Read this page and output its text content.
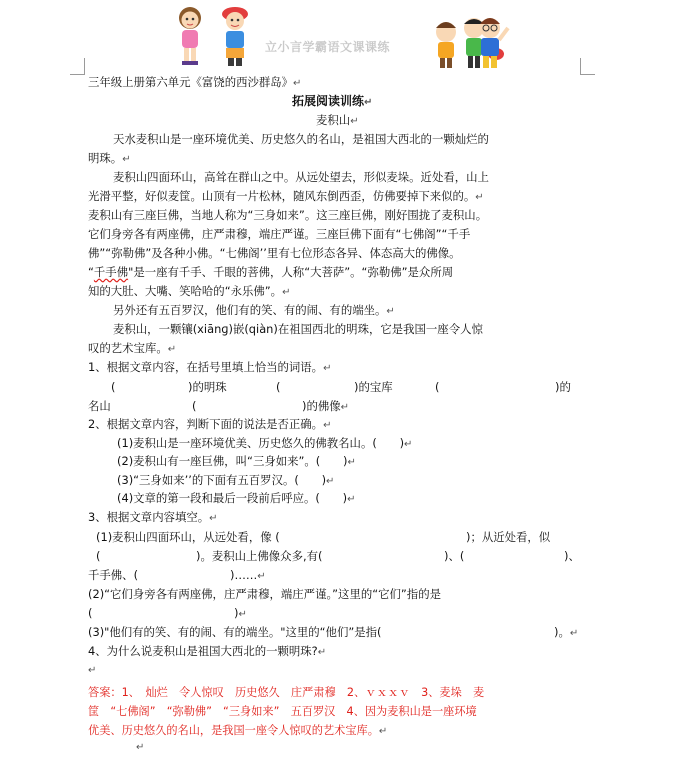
立小言学霸语文课课练
三年级上册第六单元《富饶的西沙群岛》↵
拓展阅读训练↵
麦积山↵
天水麦积山是一座环境优美、历史悠久的名山，是祖国大西北的一颗灿烂的
明珠。↵
麦积山四面环山，高耸在群山之中。从远处望去，形似麦垛。近处看，山上
光滑平整，好似麦筐。山顶有一片松林，随风东倒西歪，仿佛要掉下来似的。↵
麦积山有三座巨佛，当地人称为“三身如来”。这三座巨佛，刚好围拢了麦积山。
它们身旁各有两座佛，庄严肃穆，端庄严谨。三座巨佛下面有“七佛阁”“千手
佛”“弥勒佛”及各种小佛。“七佛阁’’里有七位形态各异、体态高大的佛像。
“千手佛"是一座有千手、千眼的菩佛，人称“大菩萨”。“弥勒佛”是众所周
知的大肚、大嘴、笑哈哈的“永乐佛”。↵
另外还有五百罗汉，他们有的笑、有的闹、有的端坐。↵
麦积山，一颗镶(xiānɡ)嵌(qiàn)在祖国西北的明珠，它是我国一座令人惊
叹的艺术宝库。↵
1、根据文章内容，在括号里填上恰当的词语。↵
(	)的明珠	(	)的宝库	(	)的
名山	(	)的佛像↵
2、根据文章内容，判断下面的说法是否正确。↵
(1)麦积山是一座环境优美、历史悠久的佛教名山。(　　)↵
(2)麦积山有一座巨佛，叫“三身如来”。(　　)↵
(3)“三身如来’’的下面有五百罗汉。(　　)↵
(4)文章的第一段和最后一段前后呼应。(　　)↵
3、根据文章内容填空。↵
(1)麦积山四面环山，从远处看，像 (	)；从近处看，似
(	)。麦积山上佛像众多,有(	)、(	)、
千手佛、(	)……↵
(2)“它们身旁各有两座佛，庄严肃穆，端庄严谨。”这里的“它们”指的是
(	)↵
(3)"他们有的笑、有的闹、有的端坐。"这里的“他们”是指(	)。↵
4、为什么说麦积山是祖国大西北的一颗明珠?↵
↵
答案：1、　灿烂　令人惊叹　历史悠久　庄严肃穆　2、ｖｘｘｖ　3、麦垛　麦
筐　“七佛阁”　“弥勒佛”　“三身如来”　五百罗汉　4、因为麦积山是一座环境
优美、历史悠久的名山，是我国一座令人惊叹的艺术宝库。↵
↵
